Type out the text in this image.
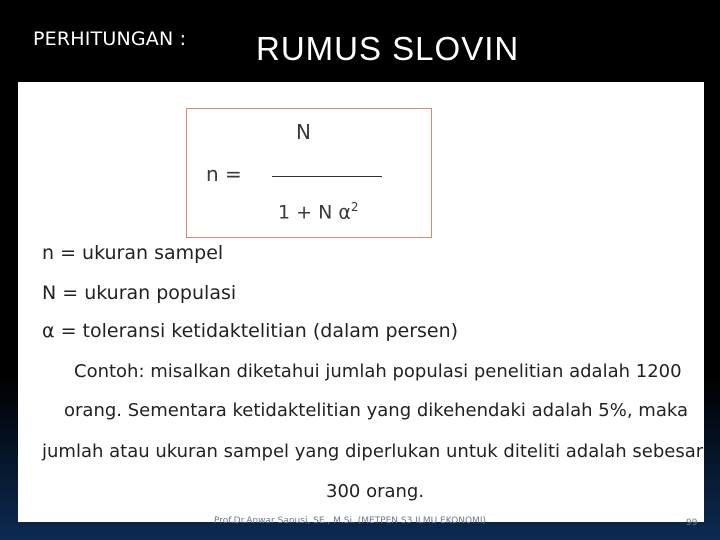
PERHITUNGAN : RUMUS SLOVIN
N
n =
1 + N $\alpha^2$
n = ukuran sampel
N = ukuran populasi
α = toleransi ketidaktelitian (dalam persen)
Contoh: misalkan diketahui jumlah populasi penelitian adalah 1200
orang. Sementara ketidaktelitian yang dikehendaki adalah 5%, maka
jumlah atau ukuran sampel yang diperlukan untuk diteliti adalah sebesar
300 orang.
Prof.Dr.Anwar Sanusi, SE., M.Si. (METPEN S3 ILMU EKONOMI)	99
